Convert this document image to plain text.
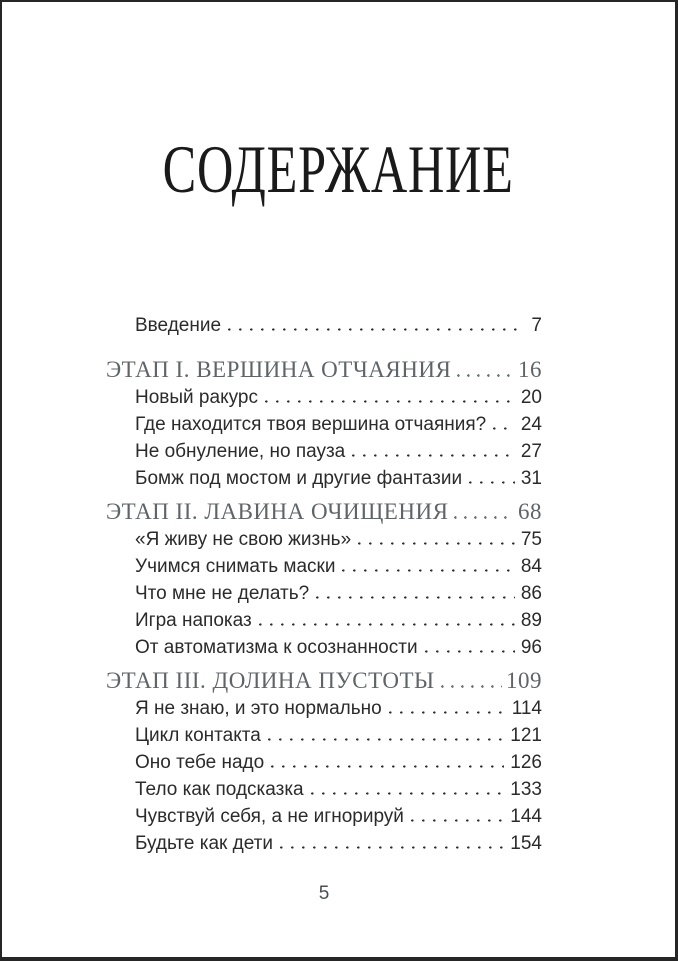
СОДЕРЖАНИЕ
Введение	7
ЭТАП I. ВЕРШИНА ОТЧАЯНИЯ	16
Новый ракурс	20
Где находится твоя вершина отчаяния? 24
Не обнуление, но пауза	27
Бомж под мостом и другие фантазии	31
ЭТАП II. ЛАВИНА ОЧИЩЕНИЯ	68
«Я живу не свою жизнь»	75
Учимся снимать маски	84
Что мне не делать?	86
Игра напоказ	89
От автоматизма к осознанности	96
ЭТАП III. ДОЛИНА ПУСТОТЫ	109
Я не знаю, и это нормально	114
Цикл контакта	121
Оно тебе надо	126
Тело как подсказка	133
Чувствуй себя, а не игнорируй	144
Будьте как дети	154
5
